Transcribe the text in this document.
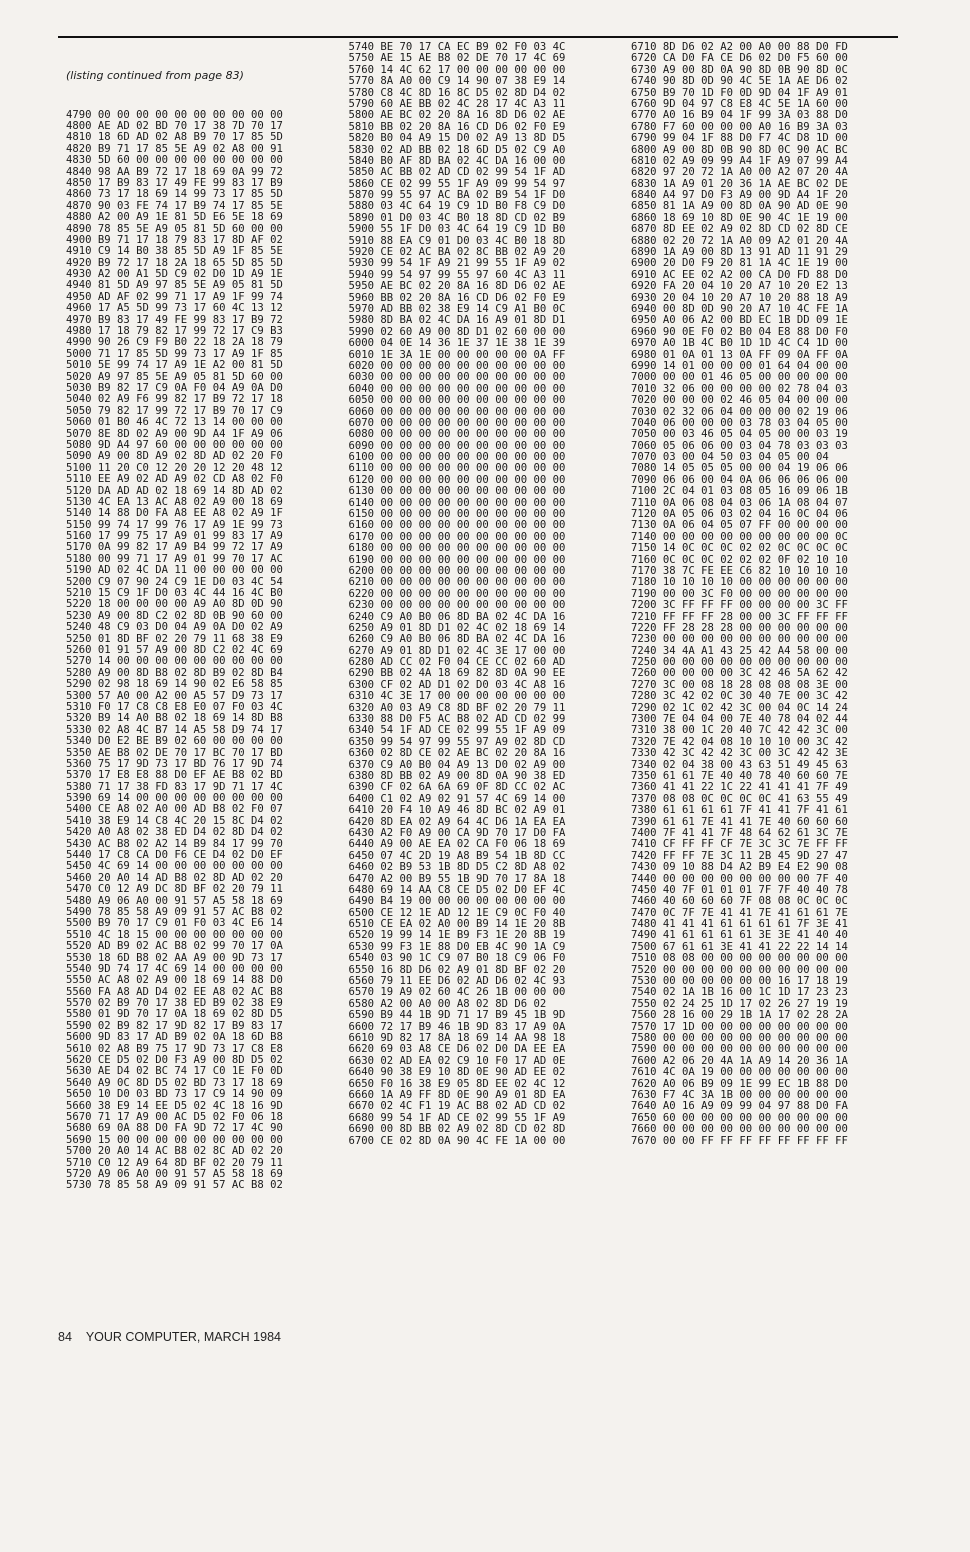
(listing continued from page 83)

4790 00 00 00 00 00 00 00 00 00 00
4800 AE AD 02 BD 70 17 38 7D 70 17
4810 18 6D AD 02 A8 B9 70 17 85 5D
4820 B9 71 17 85 5E A9 02 A8 00 91
4830 5D 60 00 00 00 00 00 00 00 00
4840 98 AA B9 72 17 18 69 0A 99 72
4850 17 B9 83 17 49 FE 99 83 17 B9
4860 73 17 18 69 14 99 73 17 85 5D
4870 90 03 FE 74 17 B9 74 17 85 5E
4880 A2 00 A9 1E 81 5D E6 5E 18 69
4890 78 85 5E A9 05 81 5D 60 00 00
4900 B9 71 17 18 79 83 17 8D AF 02
4910 C9 14 B0 38 85 5D A9 1F 85 5E
4920 B9 72 17 18 2A 18 65 5D 85 5D
4930 A2 00 A1 5D C9 02 D0 1D A9 1E
4940 81 5D A9 97 85 5E A9 05 81 5D
4950 AD AF 02 99 71 17 A9 1F 99 74
4960 17 A5 5D 99 73 17 60 4C 13 12
4970 B9 83 17 49 FE 99 83 17 B9 72
4980 17 18 79 82 17 99 72 17 C9 B3
4990 90 26 C9 F9 B0 22 18 2A 18 79
5000 71 17 85 5D 99 73 17 A9 1F 85
5010 5E 99 74 17 A9 1E A2 00 81 5D
5020 A9 97 85 5E A9 05 81 5D 60 00
5030 B9 82 17 C9 0A F0 04 A9 0A D0
5040 02 A9 F6 99 82 17 B9 72 17 18
5050 79 82 17 99 72 17 B9 70 17 C9
5060 01 B0 46 4C 72 13 14 00 00 00
5070 8E 8D 02 A9 00 9D A4 1F A9 06
5080 9D A4 97 60 00 00 00 00 00 00
5090 A9 00 8D A9 02 8D AD 02 20 F0
5100 11 20 C0 12 20 20 12 20 48 12
5110 EE A9 02 AD A9 02 CD A8 02 F0
5120 DA AD AD 02 18 69 14 8D AD 02
5130 4C EA 13 AC A8 02 A9 00 18 69
5140 14 88 D0 FA A8 EE A8 02 A9 1F
5150 99 74 17 99 76 17 A9 1E 99 73
5160 17 99 75 17 A9 01 99 83 17 A9
5170 0A 99 82 17 A9 B4 99 72 17 A9
5180 00 99 71 17 A9 01 99 70 17 AC
5190 AD 02 4C DA 11 00 00 00 00 00
5200 C9 07 90 24 C9 1E D0 03 4C 54
5210 15 C9 1F D0 03 4C 44 16 4C B0
5220 18 00 00 00 00 A9 A0 8D 0D 90
5230 A9 00 8D C2 02 8D 0B 90 60 00
5240 48 C9 03 D0 04 A9 0A D0 02 A9
5250 01 8D BF 02 20 79 11 68 38 E9
5260 01 91 57 A9 00 8D C2 02 4C 69
5270 14 00 00 00 00 00 00 00 00 00
5280 A9 00 8D B8 02 8D B9 02 8D B4
5290 02 98 18 69 14 90 02 E6 58 85
5300 57 A0 00 A2 00 A5 57 D9 73 17
5310 F0 17 C8 C8 E8 E0 07 F0 03 4C
5320 B9 14 A0 B8 02 18 69 14 8D B8
5330 02 A8 4C B7 14 A5 58 D9 74 17
5340 D0 E2 BE B9 02 60 00 00 00 00
5350 AE B8 02 DE 70 17 BC 70 17 BD
5360 75 17 9D 73 17 BD 76 17 9D 74
5370 17 E8 E8 88 D0 EF AE B8 02 BD
5380 71 17 38 FD 83 17 9D 71 17 4C
5390 69 14 00 00 00 00 00 00 00 00
5400 CE A8 02 A0 00 AD B8 02 F0 07
5410 38 E9 14 C8 4C 20 15 8C D4 02
5420 A0 A8 02 38 ED D4 02 8D D4 02
5430 AC B8 02 A2 14 B9 84 17 99 70
5440 17 C8 CA D0 F6 CE D4 02 D0 EF
5450 4C 69 14 00 00 00 00 00 00 00
5460 20 A0 14 AD B8 02 8D AD 02 20
5470 C0 12 A9 DC 8D BF 02 20 79 11
5480 A9 06 A0 00 91 57 A5 58 18 69
5490 78 85 58 A9 09 91 57 AC B8 02
5500 B9 70 17 C9 01 F0 03 4C E6 14
5510 4C 18 15 00 00 00 00 00 00 00
5520 AD B9 02 AC B8 02 99 70 17 0A
5530 18 6D B8 02 AA A9 00 9D 73 17
5540 9D 74 17 4C 69 14 00 00 00 00
5550 AC A8 02 A9 00 18 69 14 88 D0
5560 FA A8 AD D4 02 EE A8 02 AC B8
5570 02 B9 70 17 38 ED B9 02 38 E9
5580 01 9D 70 17 0A 18 69 02 8D D5
5590 02 B9 82 17 9D 82 17 B9 83 17
5600 9D 83 17 AD B9 02 0A 18 6D B8
5610 02 A8 B9 75 17 9D 73 17 C8 E8
5620 CE D5 02 D0 F3 A9 00 8D D5 02
5630 AE D4 02 BC 74 17 C0 1E F0 0D
5640 A9 0C 8D D5 02 BD 73 17 18 69
5650 10 D0 03 BD 73 17 C9 14 90 09
5660 38 E9 14 EE D5 02 4C 18 16 9D
5670 71 17 A9 00 AC D5 02 F0 06 18
5680 69 0A 88 D0 FA 9D 72 17 4C 90
5690 15 00 00 00 00 00 00 00 00 00
5700 20 A0 14 AC B8 02 8C AD 02 20
5710 C0 12 A9 64 8D BF 02 20 79 11
5720 A9 06 A0 00 91 57 A5 58 18 69
5730 78 85 58 A9 09 91 57 AC B8 02
5740 BE 70 17 CA EC B9 02 F0 03 4C
5750 AE 15 AE B8 02 DE 70 17 4C 69
5760 14 4C 62 17 00 00 00 00 00 00
5770 8A A0 00 C9 14 90 07 38 E9 14
5780 C8 4C 8D 16 8C D5 02 8D D4 02
5790 60 AE BB 02 4C 28 17 4C A3 11
5800 AE BC 02 20 8A 16 8D D6 02 AE
5810 BB 02 20 8A 16 CD D6 02 F0 E9
5820 B0 04 A9 15 D0 02 A9 13 8D D5
5830 02 AD BB 02 18 6D D5 02 C9 A0
5840 B0 AF 8D BA 02 4C DA 16 00 00
5850 AC BB 02 AD CD 02 99 54 1F AD
5860 CE 02 99 55 1F A9 09 99 54 97
5870 99 55 97 AC BA 02 B9 54 1F D0
5880 03 4C 64 19 C9 1D B0 F8 C9 D0
5890 01 D0 03 4C B0 18 8D CD 02 B9
5900 55 1F D0 03 4C 64 19 C9 1D B0
5910 88 EA C9 01 D0 03 4C B0 18 8D
5920 CE 02 AC BA 02 8C BB 02 A9 20
5930 99 54 1F A9 21 99 55 1F A9 02
5940 99 54 97 99 55 97 60 4C A3 11
5950 AE BC 02 20 8A 16 8D D6 02 AE
5960 BB 02 20 8A 16 CD D6 02 F0 E9
5970 AD BB 02 38 E9 14 C9 A1 B0 0C
5980 8D BA 02 4C DA 16 A9 01 8D D1
5990 02 60 A9 00 8D D1 02 60 00 00
6000 04 0E 14 36 1E 37 1E 38 1E 39
6010 1E 3A 1E 00 00 00 00 00 0A FF
6020 00 00 00 00 00 00 00 00 00 00
6030 00 00 00 00 00 00 00 00 00 00
6040 00 00 00 00 00 00 00 00 00 00
6050 00 00 00 00 00 00 00 00 00 00
6060 00 00 00 00 00 00 00 00 00 00
6070 00 00 00 00 00 00 00 00 00 00
6080 00 00 00 00 00 00 00 00 00 00
6090 00 00 00 00 00 00 00 00 00 00
6100 00 00 00 00 00 00 00 00 00 00
6110 00 00 00 00 00 00 00 00 00 00
6120 00 00 00 00 00 00 00 00 00 00
6130 00 00 00 00 00 00 00 00 00 00
6140 00 00 00 00 00 00 00 00 00 00
6150 00 00 00 00 00 00 00 00 00 00
6160 00 00 00 00 00 00 00 00 00 00
6170 00 00 00 00 00 00 00 00 00 00
6180 00 00 00 00 00 00 00 00 00 00
6190 00 00 00 00 00 00 00 00 00 00
6200 00 00 00 00 00 00 00 00 00 00
6210 00 00 00 00 00 00 00 00 00 00
6220 00 00 00 00 00 00 00 00 00 00
6230 00 00 00 00 00 00 00 00 00 00
6240 C9 A0 B0 06 8D BA 02 4C DA 16
6250 A9 01 8D D1 02 4C 02 18 69 14
6260 C9 A0 B0 06 8D BA 02 4C DA 16
6270 A9 01 8D D1 02 4C 3E 17 00 00
6280 AD CC 02 F0 04 CE CC 02 60 AD
6290 BB 02 4A 18 69 82 8D 0A 90 EE
6300 CF 02 AD D1 02 D0 03 4C A8 16
6310 4C 3E 17 00 00 00 00 00 00 00
6320 A0 03 A9 C8 8D BF 02 20 79 11
6330 88 D0 F5 AC B8 02 AD CD 02 99
6340 54 1F AD CE 02 99 55 1F A9 09
6350 99 54 97 99 55 97 A9 02 8D CD
6360 02 8D CE 02 AE BC 02 20 8A 16
6370 C9 A0 B0 04 A9 13 D0 02 A9 00
6380 8D BB 02 A9 00 8D 0A 90 38 ED
6390 CF 02 6A 6A 69 0F 8D CC 02 AC
6400 C1 02 A9 02 91 57 4C 69 14 00
6410 20 F4 10 A9 46 8D BC 02 A9 01
6420 8D EA 02 A9 64 4C D6 1A EA EA
6430 A2 F0 A9 00 CA 9D 70 17 D0 FA
6440 A9 00 AE EA 02 CA F0 06 18 69
6450 07 4C 2D 19 A8 B9 54 1B 8D CC
6460 02 B9 53 1B 8D D5 C2 8D A8 02
6470 A2 00 B9 55 1B 9D 70 17 8A 18
6480 69 14 AA C8 CE D5 02 D0 EF 4C
6490 B4 19 00 00 00 00 00 00 00 00
6500 CE 12 1E AD 12 1E C9 0C F0 40
6510 CE EA 02 A0 00 B9 14 1E 20 8B
6520 19 99 14 1E B9 F3 1E 20 8B 19
6530 99 F3 1E 88 D0 EB 4C 90 1A C9
6540 03 90 1C C9 07 B0 18 C9 06 F0
6550 16 8D D6 02 A9 01 8D BF 02 20
6560 79 11 EE D6 02 AD D6 02 4C 93
6570 19 A9 02 60 4C 26 1B 00 00 00
6580 A2 00 A0 00 A8 02 8D D6 02
6590 B9 44 1B 9D 71 17 B9 45 1B 9D
6600 72 17 B9 46 1B 9D 83 17 A9 0A
6610 9D 82 17 8A 18 69 14 AA 98 18
6620 69 03 A8 CE D6 02 D0 DA EE EA
6630 02 AD EA 02 C9 10 F0 17 AD 0E
6640 90 38 E9 10 8D 0E 90 AD EE 02
6650 F0 16 38 E9 05 8D EE 02 4C 12
6660 1A A9 FF 8D 0E 90 A9 01 8D EA
6670 02 4C F1 19 AC B8 02 AD CD 02
6680 99 54 1F AD CE 02 99 55 1F A9
6690 00 8D BB 02 A9 02 8D CD 02 8D
6700 CE 02 8D 0A 90 4C FE 1A 00 00
6710 8D D6 02 A2 00 A0 00 88 D0 FD
6720 CA D0 FA CE D6 02 D0 F5 60 00
6730 A9 00 8D 0A 90 8D 0B 90 8D 0C
6740 90 8D 0D 90 4C 5E 1A AE D6 02
6750 B9 70 1D F0 0D 9D 04 1F A9 01
6760 9D 04 97 C8 E8 4C 5E 1A 60 00
6770 A0 16 B9 04 1F 99 3A 03 88 D0
6780 F7 60 00 00 00 A0 16 B9 3A 03
6790 99 04 1F 88 D0 F7 4C D8 1D 00
6800 A9 00 8D 0B 90 8D 0C 90 AC BC
6810 02 A9 09 99 A4 1F A9 07 99 A4
6820 97 20 72 1A A0 00 A2 07 20 4A
6830 1A A9 01 20 36 1A AE BC 02 DE
6840 A4 97 D0 F3 A9 00 9D A4 1F 20
6850 81 1A A9 00 8D 0A 90 AD 0E 90
6860 18 69 10 8D 0E 90 4C 1E 19 00
6870 8D EE 02 A9 02 8D CD 02 8D CE
6880 02 20 72 1A A0 09 A2 01 20 4A
6890 1A A9 00 8D 13 91 AD 11 91 29
6900 20 D0 F9 20 81 1A 4C 1E 19 00
6910 AC EE 02 A2 00 CA D0 FD 88 D0
6920 FA 20 04 10 20 A7 10 20 E2 13
6930 20 04 10 20 A7 10 20 88 18 A9
6940 00 8D 0D 90 20 A7 10 4C FE 1A
6950 A0 06 A2 00 BD EC 1B DD 09 1E
6960 90 0E F0 02 B0 04 E8 88 D0 F0
6970 A0 1B 4C B0 1D 1D 4C C4 1D 00
6980 01 0A 01 13 0A FF 09 0A FF 0A
6990 14 01 00 00 00 01 64 04 00 00
7000 00 00 01 46 05 00 00 00 00 00
7010 32 06 00 00 00 00 02 78 04 03
7020 00 00 00 02 46 05 04 00 00 00
7030 02 32 06 04 00 00 00 02 19 06
7040 06 00 00 00 03 78 03 04 05 00
7050 00 03 46 05 04 05 00 00 03 19
7060 05 06 06 00 03 04 78 03 03 03
7070 03 00 04 50 03 04 05 00 04
7080 14 05 05 05 00 00 04 19 06 06
7090 06 06 00 04 0A 06 06 06 06 00
7100 2C 04 01 03 08 05 16 09 06 1B
7110 0A 06 08 04 03 06 1A 08 04 07
7120 0A 05 06 03 02 04 16 0C 04 06
7130 0A 06 04 05 07 FF 00 00 00 00
7140 00 00 00 00 00 00 00 00 00 0C
7150 14 0C 0C 0C 02 02 0C 0C 0C 0C
7160 0C 0C 0C 02 02 02 0F 02 10 10
7170 38 7C FE EE C6 82 10 10 10 10
7180 10 10 10 10 00 00 00 00 00 00
7190 00 00 3C F0 00 00 00 00 00 00
7200 3C FF FF FF 00 00 00 00 3C FF
7210 FF FF FF 28 00 00 3C FF FF FF
7220 FF 28 28 28 00 00 00 00 00 00
7230 00 00 00 00 00 00 00 00 00 00
7240 34 4A A1 43 25 42 A4 58 00 00
7250 00 00 00 00 00 00 00 00 00 00
7260 00 00 00 00 3C 42 46 5A 62 42
7270 3C 00 08 18 28 08 08 08 3E 00
7280 3C 42 02 0C 30 40 7E 00 3C 42
7290 02 1C 02 42 3C 00 04 0C 14 24
7300 7E 04 04 00 7E 40 78 04 02 44
7310 38 00 1C 20 40 7C 42 42 3C 00
7320 7E 42 04 08 10 10 10 00 3C 42
7330 42 3C 42 42 3C 00 3C 42 42 3E
7340 02 04 38 00 43 63 51 49 45 63
7350 61 61 7E 40 40 78 40 60 60 7E
7360 41 41 22 1C 22 41 41 41 7F 49
7370 08 08 0C 0C 0C 0C 41 63 55 49
7380 61 61 61 61 7F 41 41 7F 41 61
7390 61 61 7E 41 41 7E 40 60 60 60
7400 7F 41 41 7F 48 64 62 61 3C 7E
7410 CF FF FF CF 7E 3C 3C 7E FF FF
7420 FF FF 7E 3C 11 2B 45 9D 27 47
7430 09 10 88 D4 A2 B9 E4 E2 90 08
7440 00 00 00 00 00 00 00 00 7F 40
7450 40 7F 01 01 01 7F 7F 40 40 78
7460 40 60 60 60 7F 08 08 0C 0C 0C
7470 0C 7F 7E 41 41 7E 41 61 61 7E
7480 41 41 41 61 61 61 61 7F 3E 41
7490 41 61 61 61 61 3E 3E 41 40 40
7500 67 61 61 3E 41 41 22 22 14 14
7510 08 08 00 00 00 00 00 00 00 00
7520 00 00 00 00 00 00 00 00 00 00
7530 00 00 00 00 00 00 16 17 18 19
7540 02 1A 1B 16 00 1C 1D 17 23 23
7550 02 24 25 1D 17 02 26 27 19 19
7560 28 16 00 29 1B 1A 17 02 28 2A
7570 17 1D 00 00 00 00 00 00 00 00
7580 00 00 00 00 00 00 00 00 00 00
7590 00 00 00 00 00 00 00 00 00 00
7600 A2 06 20 4A 1A A9 14 20 36 1A
7610 4C 0A 19 00 00 00 00 00 00 00
7620 A0 06 B9 09 1E 99 EC 1B 88 D0
7630 F7 4C 3A 1B 00 00 00 00 00 00
7640 A0 16 A9 09 99 04 97 88 D0 FA
7650 60 00 00 00 00 00 00 00 00 00
7660 00 00 00 00 00 00 00 00 00 00
7670 00 00 FF FF FF FF FF FF FF FF
84 YOUR COMPUTER, MARCH 1984
